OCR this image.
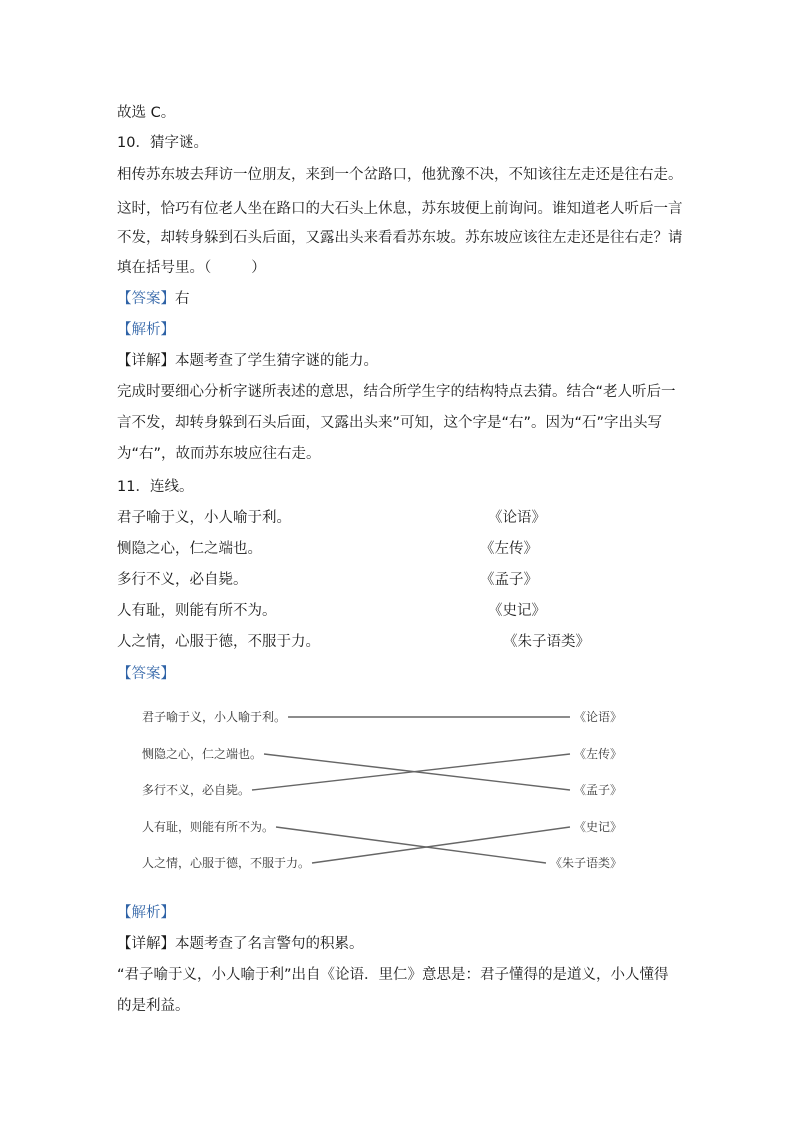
故选 C。
10．猜字谜。
相传苏东坡去拜访一位朋友，来到一个岔路口，他犹豫不决，不知该往左走还是往右走。
这时，恰巧有位老人坐在路口的大石头上休息，苏东坡便上前询问。谁知道老人听后一言
不发，却转身躲到石头后面，又露出头来看看苏东坡。苏东坡应该往左走还是往右走？请
填在括号里。（	）
【答案】右
【解析】
【详解】本题考查了学生猜字谜的能力。
完成时要细心分析字谜所表述的意思，结合所学生字的结构特点去猜。结合“老人听后一
言不发，却转身躲到石头后面，又露出头来”可知，这个字是“右”。因为“石”字出头写
为“右”，故而苏东坡应往右走。
11．连线。
君子喻于义，小人喻于利。	《论语》
恻隐之心，仁之端也。	《左传》
多行不义，必自毙。	《孟子》
人有耻，则能有所不为。	《史记》
人之情，心服于德，不服于力。	《朱子语类》
【答案】
君子喻于义，小人喻于利。
恻隐之心，仁之端也。
多行不义，必自毙。
人有耻，则能有所不为。
人之情，心服于德，不服于力。
《论语》
《左传》
《孟子》
《史记》
《朱子语类》
【解析】
【详解】本题考查了名言警句的积累。
“君子喻于义，小人喻于利”出自《论语．里仁》意思是：君子懂得的是道义，小人懂得
的是利益。
